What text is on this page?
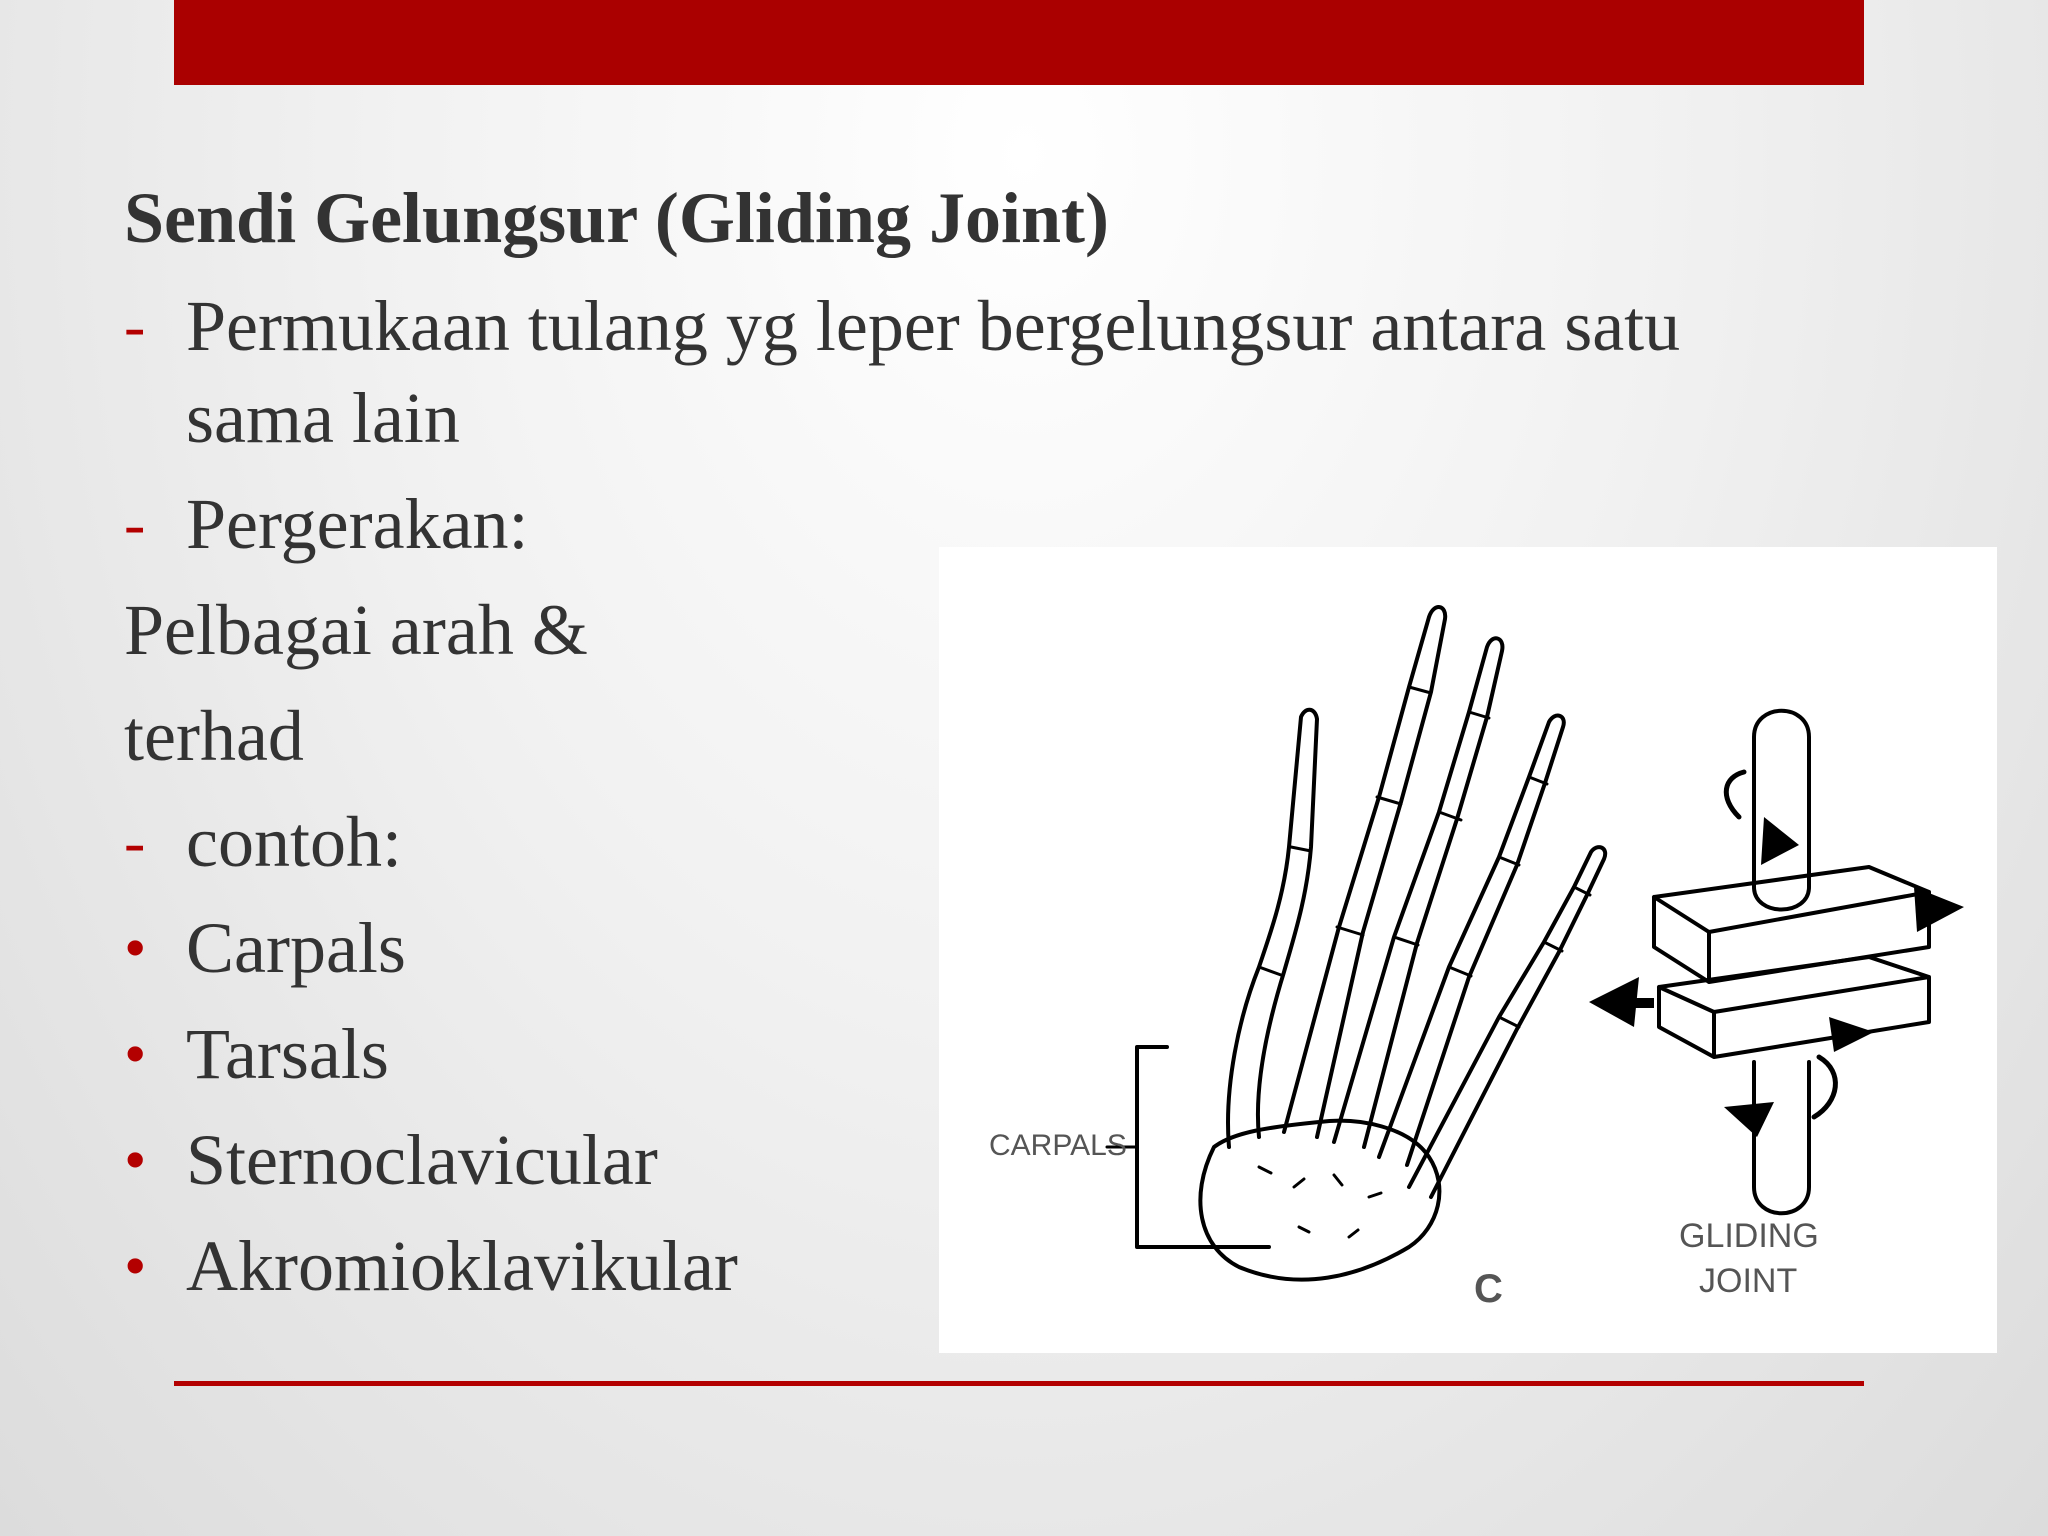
Sendi Gelungsur (Gliding Joint)

- Permukaan tulang yg leper bergelungsur antara satu
sama lain

- Pergerakan:

Pelbagai arah &

terhad

- contoh:

• Carpals

• Tarsals

• Sternoclavicular

• Akromioklavikular

CARPALS
GLIDING
JOINT
C
